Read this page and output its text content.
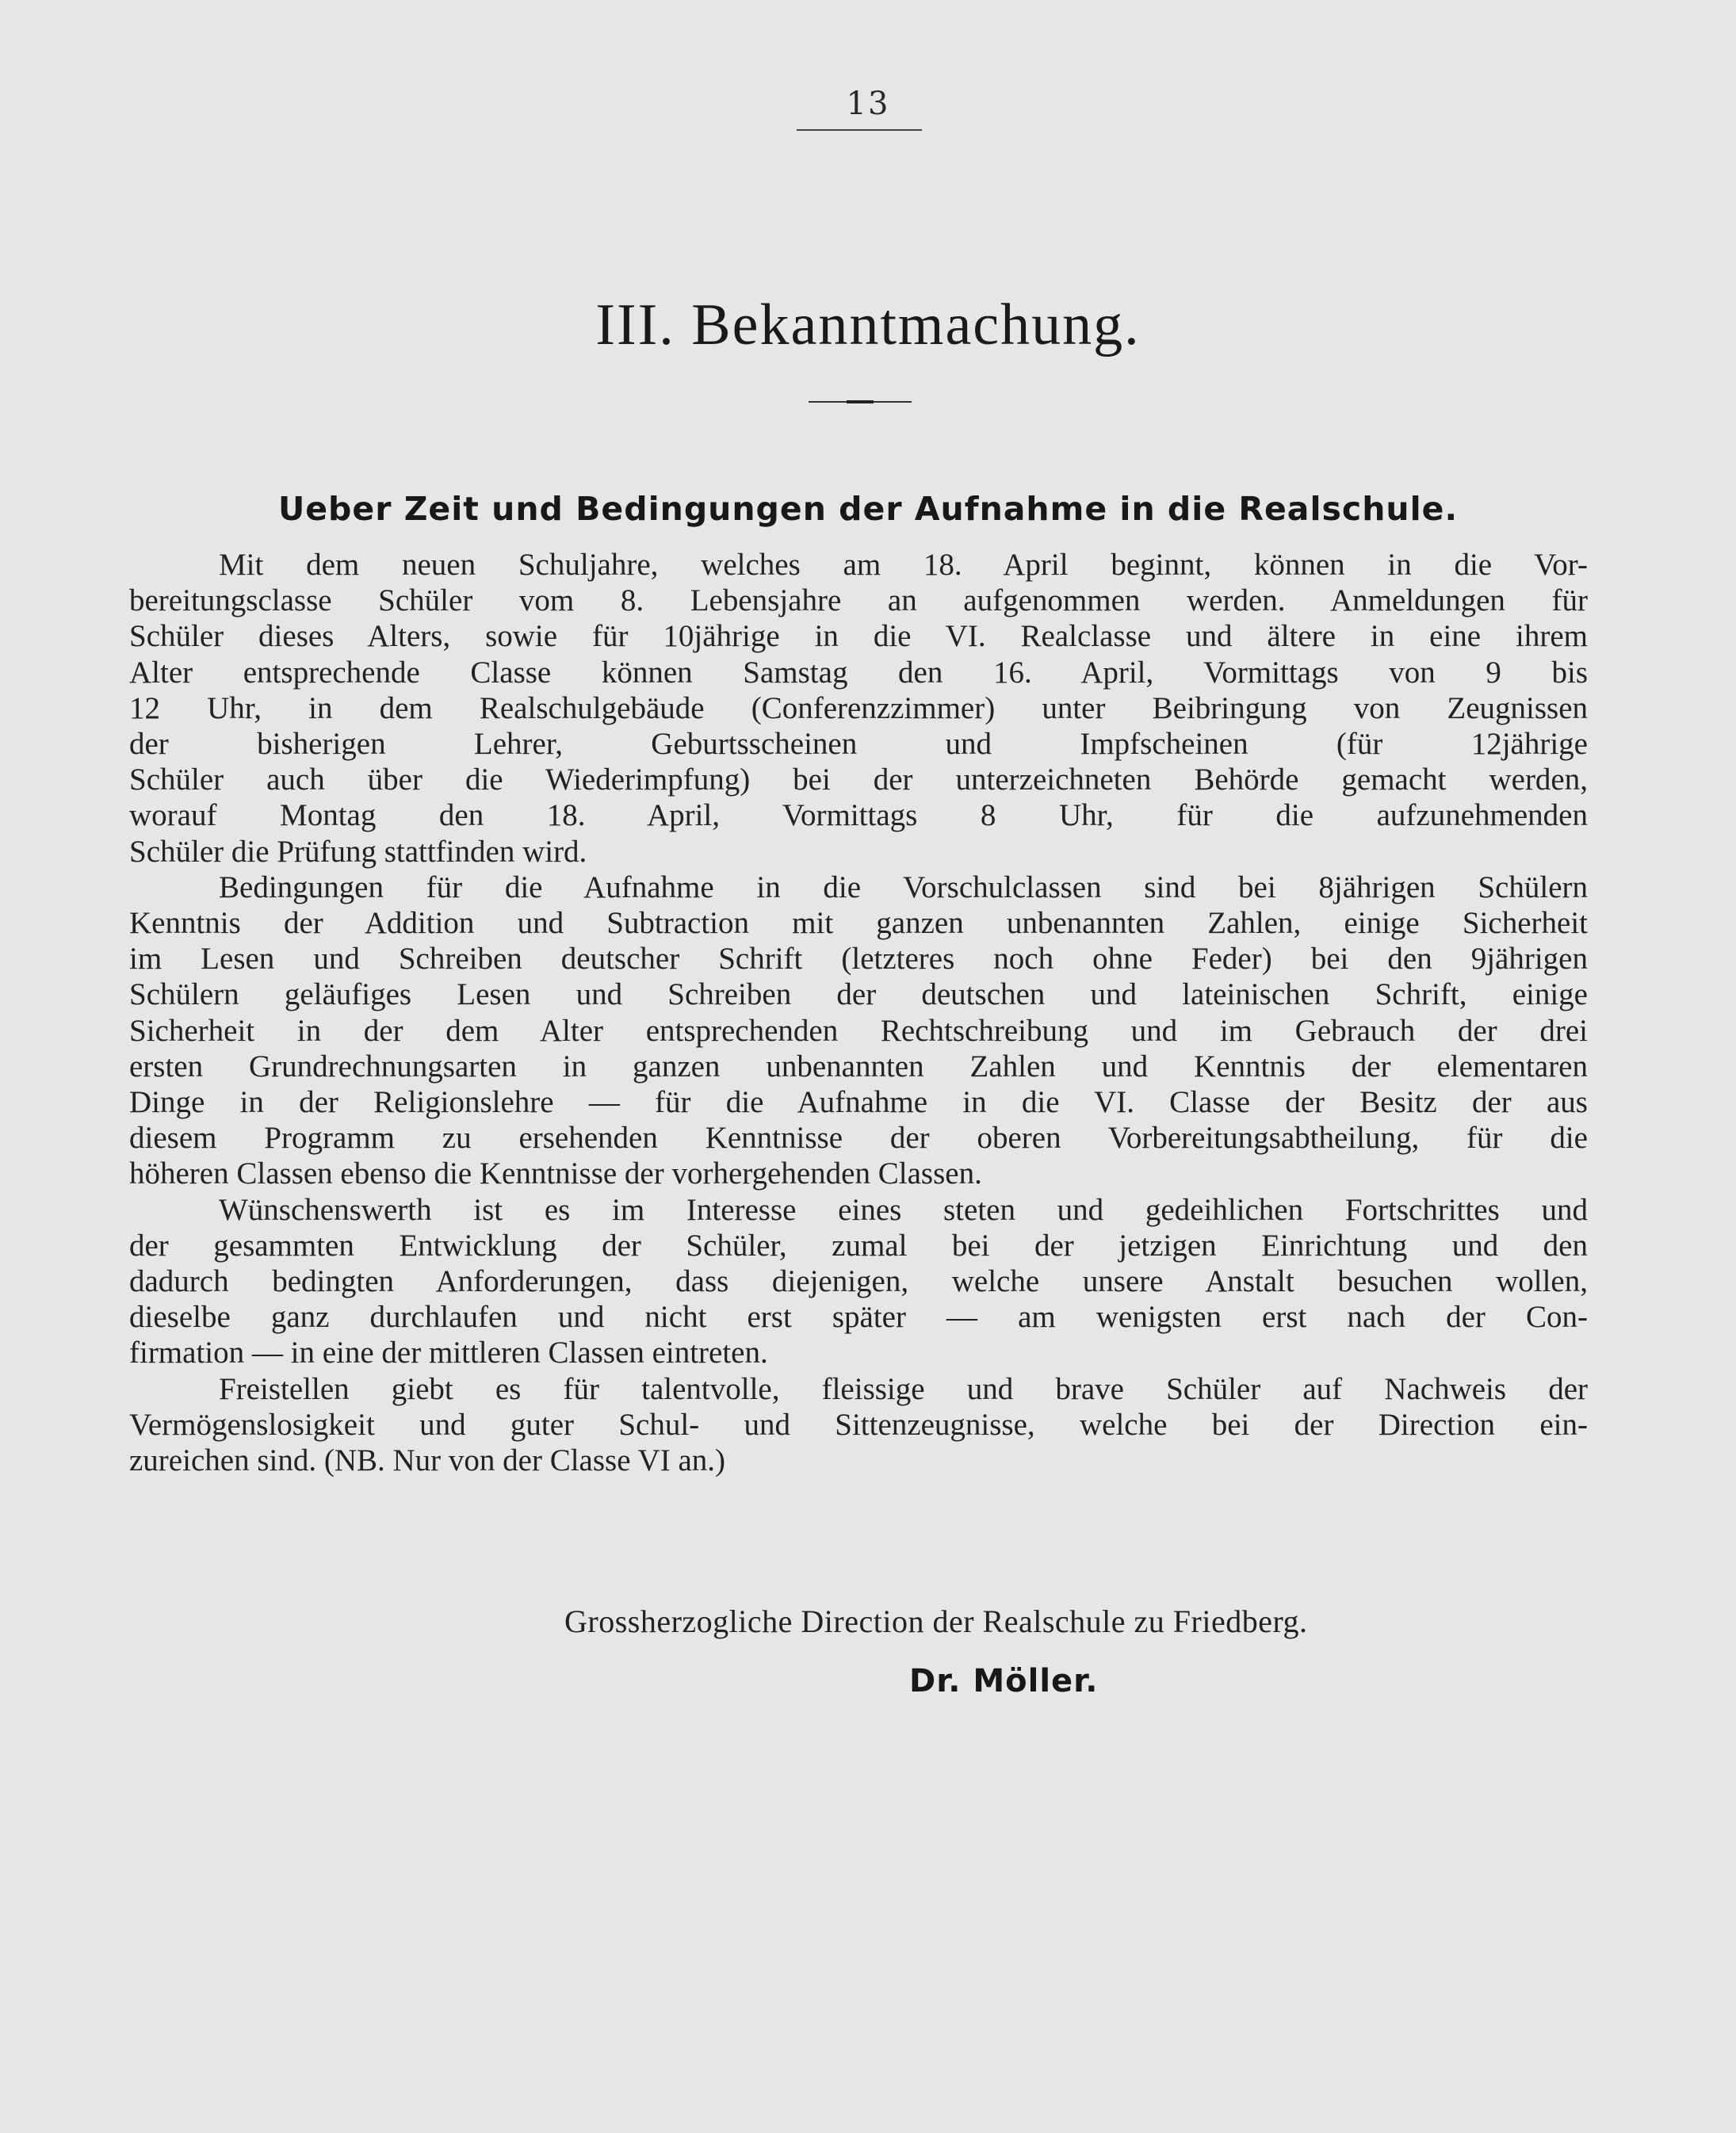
13
III. Bekanntmachung.
Ueber Zeit und Bedingungen der Aufnahme in die Realschule.

Mit dem neuen Schuljahre, welches am 18. April beginnt, können in die Vor-
bereitungsclasse Schüler vom 8. Lebensjahre an aufgenommen werden. Anmeldungen für
Schüler dieses Alters, sowie für 10jährige in die VI. Realclasse und ältere in eine ihrem
Alter entsprechende Classe können Samstag den 16. April, Vormittags von 9 bis
12 Uhr, in dem Realschulgebäude (Conferenzzimmer) unter Beibringung von Zeugnissen
der bisherigen Lehrer, Geburtsscheinen und Impfscheinen (für 12jährige
Schüler auch über die Wiederimpfung) bei der unterzeichneten Behörde gemacht werden,
worauf Montag den 18. April, Vormittags 8 Uhr, für die aufzunehmenden
Schüler die Prüfung stattfinden wird.

Bedingungen für die Aufnahme in die Vorschulclassen sind bei 8jährigen Schülern
Kenntnis der Addition und Subtraction mit ganzen unbenannten Zahlen, einige Sicherheit
im Lesen und Schreiben deutscher Schrift (letzteres noch ohne Feder) bei den 9jährigen
Schülern geläufiges Lesen und Schreiben der deutschen und lateinischen Schrift, einige
Sicherheit in der dem Alter entsprechenden Rechtschreibung und im Gebrauch der drei
ersten Grundrechnungsarten in ganzen unbenannten Zahlen und Kenntnis der elementaren
Dinge in der Religionslehre — für die Aufnahme in die VI. Classe der Besitz der aus
diesem Programm zu ersehenden Kenntnisse der oberen Vorbereitungsabtheilung, für die
höheren Classen ebenso die Kenntnisse der vorhergehenden Classen.

Wünschenswerth ist es im Interesse eines steten und gedeihlichen Fortschrittes und
der gesammten Entwicklung der Schüler, zumal bei der jetzigen Einrichtung und den
dadurch bedingten Anforderungen, dass diejenigen, welche unsere Anstalt besuchen wollen,
dieselbe ganz durchlaufen und nicht erst später — am wenigsten erst nach der Con-
firmation — in eine der mittleren Classen eintreten.

Freistellen giebt es für talentvolle, fleissige und brave Schüler auf Nachweis der
Vermögenslosigkeit und guter Schul- und Sittenzeugnisse, welche bei der Direction ein-
zureichen sind. (NB. Nur von der Classe VI an.)

Grossherzogliche Direction der Realschule zu Friedberg.
Dr. Möller.
